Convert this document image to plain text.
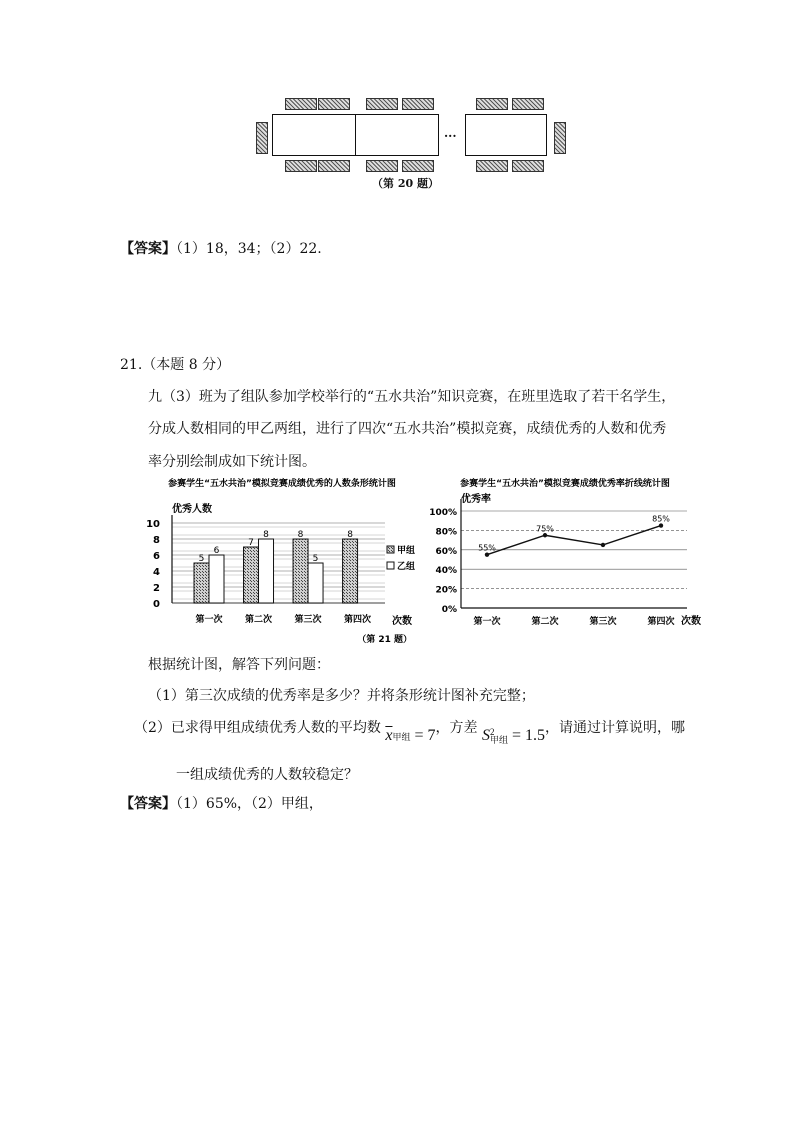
···
（第 20 题）
【答案】（1）18，34；（2）22.
21.（本题 8 分）
九（3）班为了组队参加学校举行的“五水共治”知识竞赛，在班里选取了若干名学生，
分成人数相同的甲乙两组，进行了四次“五水共治”模拟竞赛，成绩优秀的人数和优秀
率分别绘制成如下统计图。
参赛学生“五水共治”模拟竞赛成绩优秀的人数条形统计图
优秀人数
0
2
4
6
8
10
5
6
7
8	8
5
8
第一次	第二次	第三次	第四次 次数
甲组
乙组
（第 21 题）
参赛学生“五水共治”模拟竞赛成绩优秀率折线统计图
优秀率
0%
20%
40%
60%
80%
100%
55%
75%
85%
第一次	第二次	第三次	第四次 次数
根据统计图，解答下列问题：
（1）第三次成绩的优秀率是多少？并将条形统计图补充完整；
（2）已求得甲组成绩优秀人数的平均数 $\overline{x}$甲组 = 7，方差 S 2
甲组 = 1.5，请通过计算说明，哪
一组成绩优秀的人数较稳定？
【答案】（1）65%，（2）甲组，
